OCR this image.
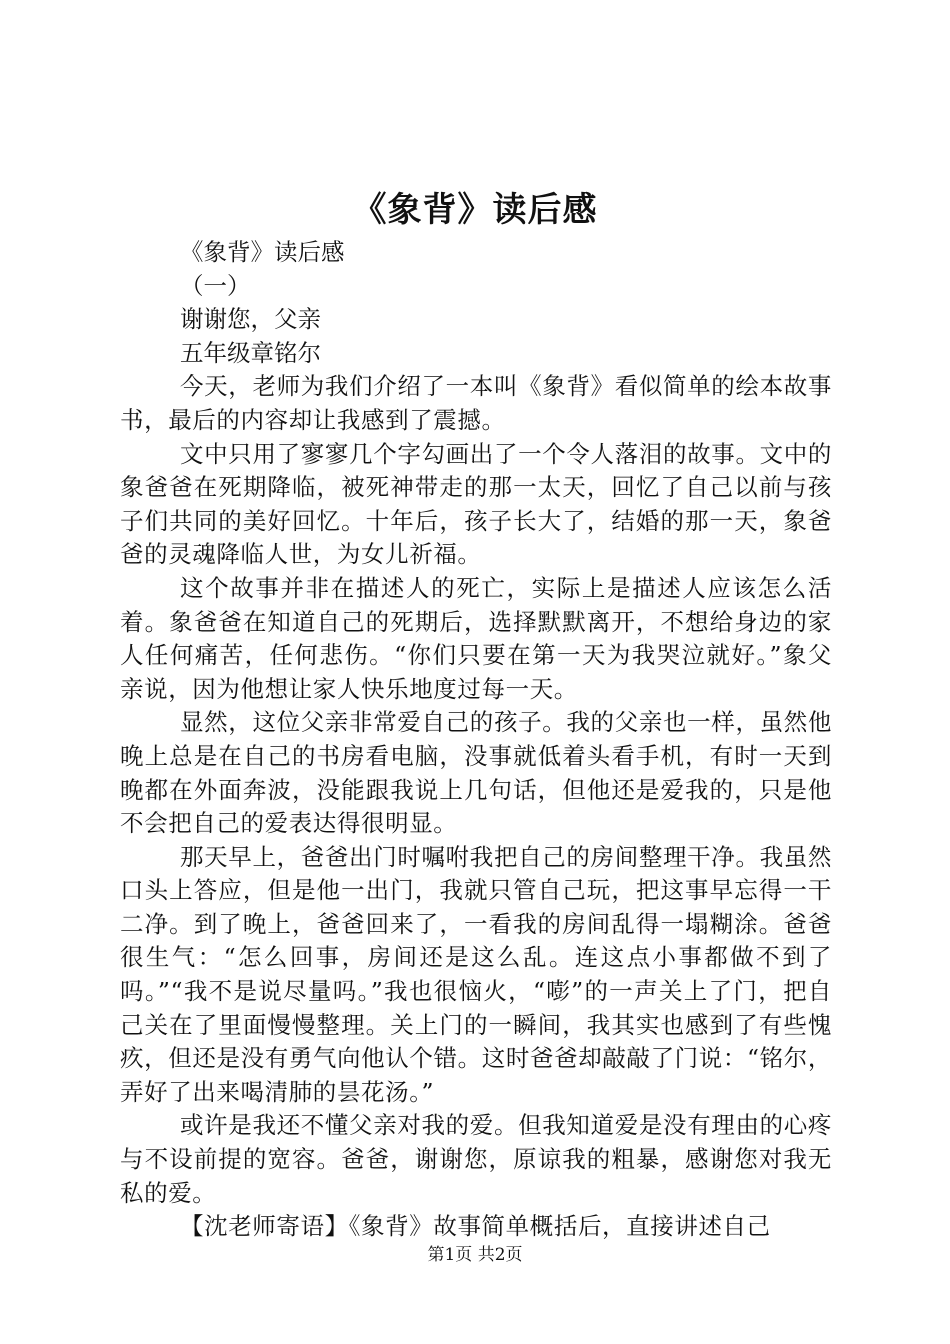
《象背》读后感

《象背》读后感

（一）

谢谢您，父亲

五年级章铭尔

今天，老师为我们介绍了一本叫《象背》看似简单的绘本故事书，最后的内容却让我感到了震撼。

文中只用了寥寥几个字勾画出了一个令人落泪的故事。文中的象爸爸在死期降临，被死神带走的那一太天，回忆了自己以前与孩子们共同的美好回忆。十年后，孩子长大了，结婚的那一天，象爸爸的灵魂降临人世，为女儿祈福。

这个故事并非在描述人的死亡，实际上是描述人应该怎么活着。象爸爸在知道自己的死期后，选择默默离开，不想给身边的家人任何痛苦，任何悲伤。“你们只要在第一天为我哭泣就好。”象父亲说，因为他想让家人快乐地度过每一天。

显然，这位父亲非常爱自己的孩子。我的父亲也一样，虽然他晚上总是在自己的书房看电脑，没事就低着头看手机，有时一天到晚都在外面奔波，没能跟我说上几句话，但他还是爱我的，只是他不会把自己的爱表达得很明显。

那天早上，爸爸出门时嘱咐我把自己的房间整理干净。我虽然口头上答应，但是他一出门，我就只管自己玩，把这事早忘得一干二净。到了晚上，爸爸回来了，一看我的房间乱得一塌糊涂。爸爸很生气：“怎么回事，房间还是这么乱。连这点小事都做不到了吗。”“我不是说尽量吗。”我也很恼火，“嘭”的一声关上了门，把自己关在了里面慢慢整理。关上门的一瞬间，我其实也感到了有些愧疚，但还是没有勇气向他认个错。这时爸爸却敲敲了门说：“铭尔，弄好了出来喝清肺的昙花汤。”

或许是我还不懂父亲对我的爱。但我知道爱是没有理由的心疼与不设前提的宽容。爸爸，谢谢您，原谅我的粗暴，感谢您对我无私的爱。

【沈老师寄语】《象背》故事简单概括后，直接讲述自己

第1页 共2页
